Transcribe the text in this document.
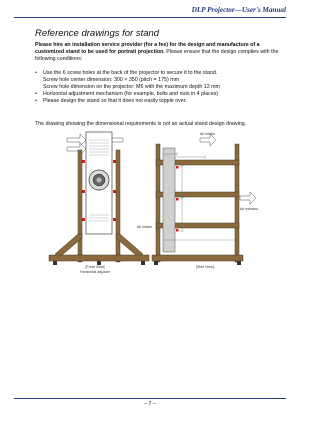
DLP Projector—User's Manual
Reference drawings for stand
Please hire an installation service provider (for a fee) for the design and manufacture of a customized stand to be used for portrait projection. Please ensure that the design complies with the following conditions:
• Use the 6 screw holes at the back of the projector to secure it to the stand.
Screw hole center dimension: 300 × 350 (pitch = 175) mm
Screw hole dimension on the projector: M6 with the maximum depth 12 mm
• Horizontal adjustment mechanism (for example, bolts and nuts in 4 places)
• Please design the stand so that it does not easily topple over.
The drawing showing the dimensional requirements is not an actual stand design drawing.
[Front View]
Horizontal adjuster
Air intake
Air exhaust
Air intake
[Side View]
– 7 –
